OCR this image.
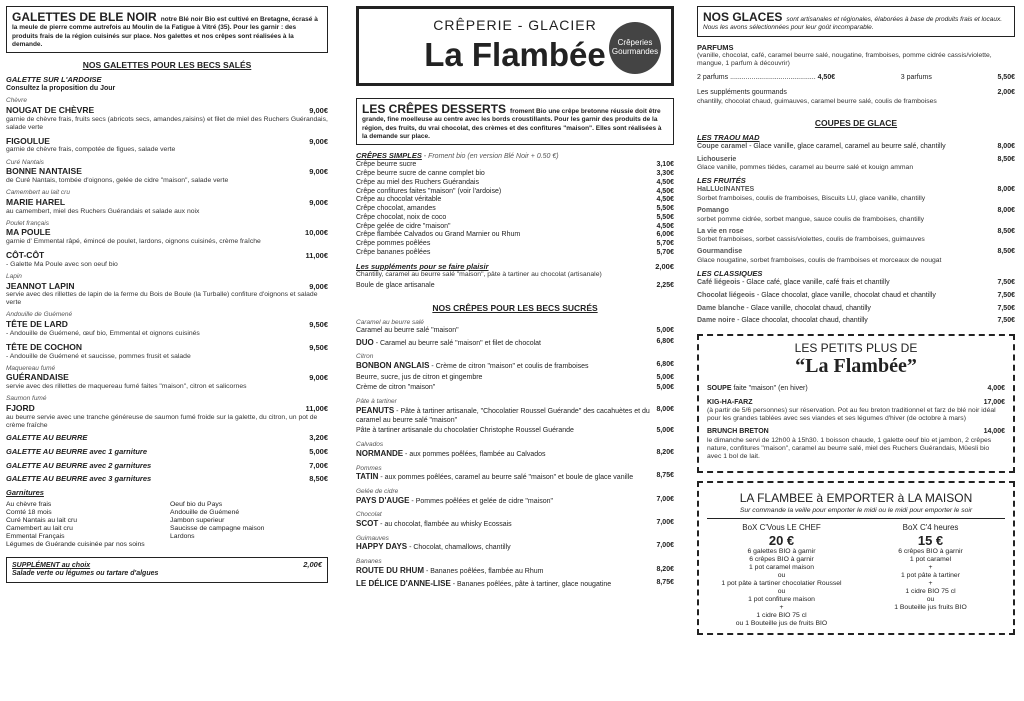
GALETTES DE BLE NOIR notre Blé noir Bio est cultivé en Bretagne, écrasé à la meule de pierre comme autrefois au Moulin de la Fatigue à Vitré (35). Pour les garnir : des produits frais de la région cuisinés sur place. Nos galettes et nos crêpes sont réalisées à la demande.
NOS GALETTES POUR LES BECS SALÉS
GALETTE SUR L'ARDOISE
Consultez la proposition du Jour
Chèvre
NOUGAT DE CHÈVRE	9,00€
garnie de chèvre frais, fruits secs (abricots secs, amandes,raisins) et filet de miel des Ruchers Guérandais, salade verte
FIGOULUE	9,00€
garnie de chèvre frais, compotée de figues, salade verte
Curé Nantais
BONNE NANTAISE	9,00€
de Curé Nantais, tombée d'oignons, gelée de cidre "maison", salade verte
Camembert au lait cru
MARIE HAREL	9,00€
au camembert, miel des Ruchers Guérandais et salade aux noix
Poulet français
MA POULE	10,00€
garnie d' Emmental râpé, émincé de poulet, lardons, oignons cuisinés, crème fraîche
CÔT-CÔT	11,00€
- Galette Ma Poule avec son oeuf bio
Lapin
JEANNOT LAPIN	9,00€
servie avec des rillettes de lapin de la ferme du Bois de Boule (la Turballe) confiture d'oignons et salade verte
Andouille de Guémené
TÊTE DE LARD	9,50€
- Andouille de Guémené, œuf bio, Emmental et oignons cuisinés
TÊTE DE COCHON	9,50€
- Andouille de Guémené et saucisse, pommes frusit et salade
Maquereau fumé
GUÉRANDAISE	9,00€
servie avec des rillettes de maquereau fumé faites "maison", citron et salicornes
Saumon fumé
FJORD	11,00€
au beurre servie avec une tranche généreuse de saumon fumé froide sur la galette, du citron, un pot de crème fraîche
GALETTE AU BEURRE	3,20€
GALETTE AU BEURRE avec 1 garniture	5,00€
GALETTE AU BEURRE avec 2 garnitures	7,00€
GALETTE AU BEURRE avec 3 garnitures	8,50€
Garnitures
Au chèvre frais
Comté 18 mois
Curé Nantais au lait cru
Camembert au lait cru
Emmental Français
Légumes de Guérande cuisinée par nos soins
Oeuf bio du Pays
Andouille de Guémené
Jambon superieur
Saucisse de campagne maison
Lardons
SUPPLÉMENT au choix	2,00€
Salade verte ou légumes ou tartare d'algues
CRÊPERIE - GLACIER
La Flambée	Crêperies Gourmandes
LES CRÊPES DESSERTS froment Bio une crêpe bretonne réussie doit être grande, fine moelleuse au centre avec les bords croustillants. Pour les garnir des produits de la région, des fruits, du vrai chocolat, des crèmes et des confitures "maison". Elles sont réalisées à la demande sur place.
CRÊPES SIMPLES - Froment bio (en version Blé Noir + 0.50 €)
Crêpe beurre sucre	3,10€
Crêpe beurre sucre de canne complet bio	3,30€
Crêpe au miel des Ruchers Guérandais	4,50€
Crêpe confitures faites "maison" (voir l'ardoise)	4,50€
Crêpe au chocolat véritable	4,50€
Crêpe chocolat, amandes	5,50€
Crêpe chocolat, noix de coco	5,50€
Crêpe gelée de cidre "maison"	4,50€
Crêpe flambée Calvados ou Grand Marnier ou Rhum	6,00€
Crêpe pommes poêlées	5,70€
Crêpe bananes poêlées	5,70€
Les suppléments pour se faire plaisir	2,00€
Chantilly, caramel au beurre salé "maison", pâte à tartiner au chocolat (artisanale)
Boule de glace artisanale	2,25€
NOS CRÊPES POUR LES BECS SUCRÉS
Caramel au beurre salé
Caramel au beurre salé "maison"	5,00€
DUO - Caramel au beurre salé "maison" et filet de chocolat	6,80€
Citron
BONBON ANGLAIS - Crème de citron "maison" et coulis de framboises	6,80€
Beurre, sucre, jus de citron et gingembre	5,00€
Crème de citron "maison"	5,00€
Pâte à tartiner
PEANUTS - Pâte à tartiner artisanale, "Chocolatier Roussel Guérande" des cacahuètes et du caramel au beurre salé "maison"
8,00€
Pâte à tartiner artisanale du chocolatier Christophe Roussel Guérande	5,00€
Calvados
NORMANDE - aux pommes poêlées, flambée au Calvados	8,20€
Pommes
TATIN - aux pommes poêlées, caramel au beurre salé "maison" et boule de glace vanille	8,75€
Gelée de cidre
PAYS D'AUGE - Pommes poêlées et gelée de cidre "maison"	7,00€
Chocolat
SCOT - au chocolat, flambée au whisky Ecossais	7,00€
Guimauves
HAPPY DAYS - Chocolat, chamallows, chantilly	7,00€
Bananes
ROUTE DU RHUM - Bananes poêlées, flambée au Rhum	8,20€
LE DÉLICE D'ANNE-LISE - Bananes poêlées, pâte à tartiner, glace nougatine	8,75€
NOS GLACES sont artisanales et régionales, élaborées à base de produits frais et locaux. Nous les avons sélectionnées pour leur goût incomparable.
PARFUMS
(vanille, chocolat, café, caramel beurre salé, nougatine, framboises, pomme cidrée cassis/violette, mangue, 1 parfum à découvrir)
2 parfums ............................................ 4,50€	3 parfums	5,50€
Les suppléments gourmands	2,00€
chantilly, chocolat chaud, guimauves, caramel beurre salé, coulis de framboises
COUPES DE GLACE
LES TRAOU MAD
Coupe caramel - Glace vanille, glace caramel, caramel au beurre salé, chantilly	8,00€
Lichouserie	8,50€
Glace vanille, pommes tiédes, caramel au beurre salé et kouign amman
LES FRUITÉS
HaLLUcINANTES	8,00€
Sorbet framboises, coulis de framboises, Biscuits LU, glace vanille, chantilly
Pomango	8,00€
sorbet pomme cidrée, sorbet mangue, sauce coulis de framboises, chantilly
La vie en rose	8,50€
Sorbet framboises, sorbet cassis/violettes, coulis de framboises, guimauves
Gourmandise	8,50€
Glace nougatine, sorbet framboises, coulis de framboises et morceaux de nougat
LES CLASSIQUES
Café liégeois - Glace café, glace vanille, café frais et chantilly	7,50€
Chocolat liégeois - Glace chocolat, glace vanille, chocolat chaud et chantilly	7,50€
Dame blanche - Glace vanille, chocolat chaud, chantilly	7,50€
Dame noire - Glace chocolat, chocolat chaud, chantilly	7,50€
LES PETITS PLUS DE
“La Flambée”
SOUPE faite "maison" (en hiver)	4,00€
KIG-HA-FARZ	17,00€
(à partir de 5/6 personnes) sur réservation. Pot au feu breton traditionnel et farz de blé noir idéal pour les grandes tablées avec ses viandes et ses légumes d'hiver (de octobre à mars)
BRUNCH BRETON	14,00€
le dimanche servi de 12h00 à 15h30. 1 boisson chaude, 1 galette oeuf bio et jambon, 2 crêpes nature, confitures "maison", caramel au beurre salé, miel des Ruchers Guérandais, Müesli bio avec 1 bol de lait.
LA FLAMBEE à EMPORTER à LA MAISON
Sur commande la veille pour emporter le midi ou le midi pour emporter le soir
BoX C'Vous LE CHEF
20 €
6 galettes BIO à garnir
6 crêpes BIO à garnir
1 pot caramel maison
ou
1 pot pâte à tartiner chocolatier Roussel
ou
1 pot confiture maison
+
1 cidre BIO 75 cl
ou 1 Bouteille jus de fruits BIO
BoX C'4 heures
15 €
6 crêpes BIO à garnir
1 pot caramel
+
1 pot pâte à tartiner
+
1 cidre BIO 75 cl
ou
1 Bouteille jus fruits BIO
